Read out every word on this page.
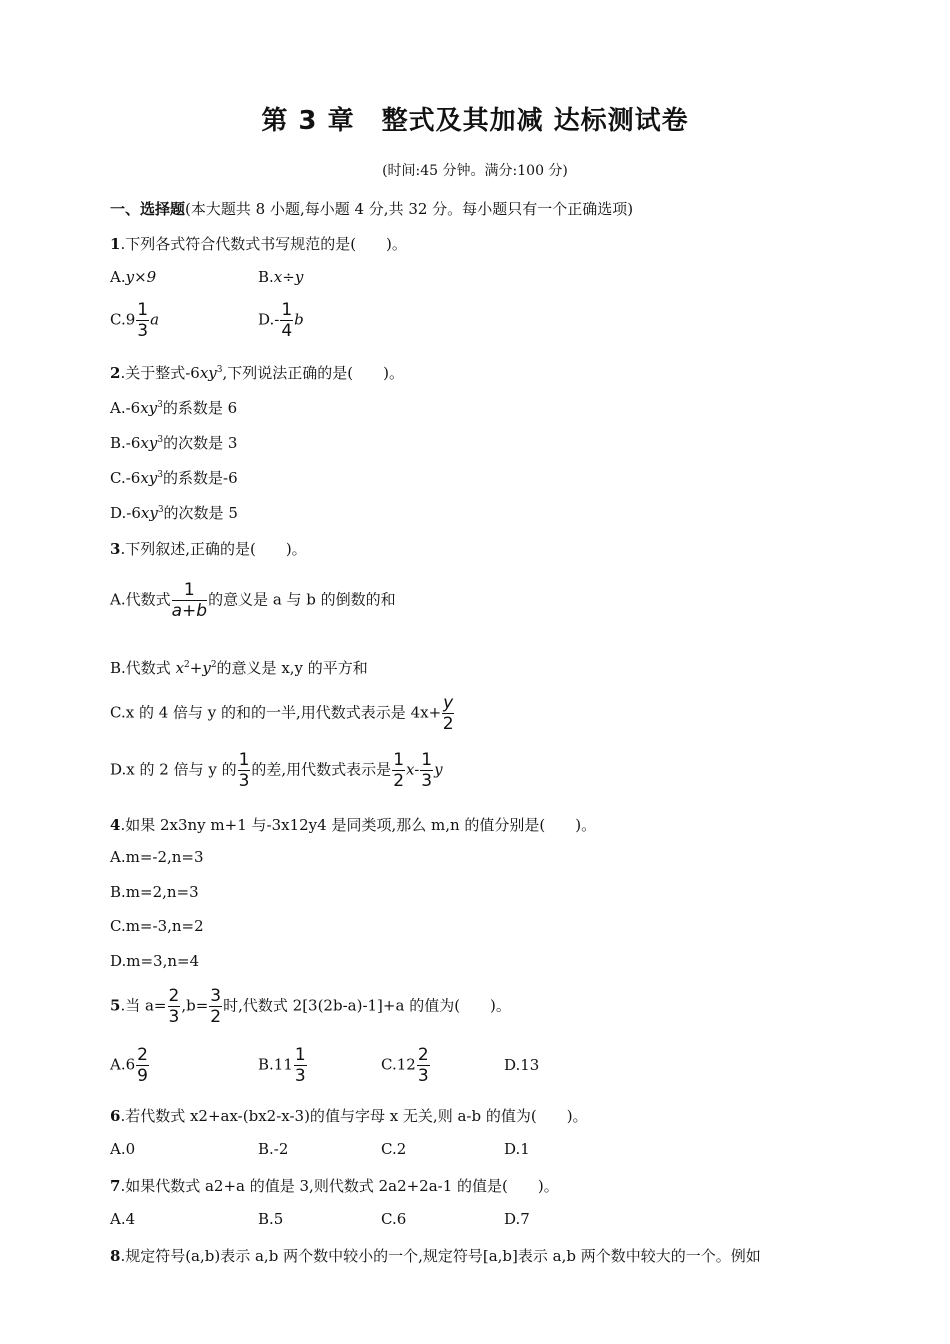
第 3 章　整式及其加减 达标测试卷
(时间:45 分钟。满分:100 分)
一、选择题(本大题共 8 小题,每小题 4 分,共 32 分。每小题只有一个正确选项)
1.下列各式符合代数式书写规范的是(　　)。
A.y×9	B.x÷y
$C.9 \frac{1}{3}$ a	$D.- \frac{1}{4}$ b
2.关于整式$-6xy^3$,下列说法正确的是(　　)。
$A.-6xy^3$的系数是 6
$B.-6xy^3$的次数是 3
$C.-6xy^3$的系数是-6
$D.-6xy^3$的次数是 5
3.下列叙述,正确的是(　　)。
A.代数式 $\frac{1}{a+b}$ 的意义是 a 与 b 的倒数的和
B.代数式 $x^2+y^2$的意义是 x,y 的平方和
C.x 的 4 倍与 y 的和的一半,用代数式表示是 $4x+ \frac{y}{2}$
D.x 的 2 倍与 y 的 $\frac{1}{3}$ 的差,用代数式表示是 $\frac{1}{2} x- \frac{1}{3}$ y
4.如果 2x3ny m+1 与-3x12y4 是同类项,那么 m,n 的值分别是(　　)。
A.m=-2,n=3
B.m=2,n=3
C.m=-3,n=2
D.m=3,n=4
5.当 $a= \frac{2}{3} ,b= \frac{3}{2}$ 时,代数式 2[3(2b-a)-1]+a 的值为(　　)。
$A.6 \frac{2}{9}$	$B.11 \frac{1}{3}$	$C.12 \frac{2}{3}$	D.13
6.若代数式 x2+ax-(bx2-x-3)的值与字母 x 无关,则 a-b 的值为(　　)。
A.0	B.-2	C.2	D.1
7.如果代数式 a2+a 的值是 3,则代数式 2a2+2a-1 的值是(　　)。
A.4	B.5	C.6	D.7
8.规定符号(a,b)表示 a,b 两个数中较小的一个,规定符号[a,b]表示 a,b 两个数中较大的一个。例如
